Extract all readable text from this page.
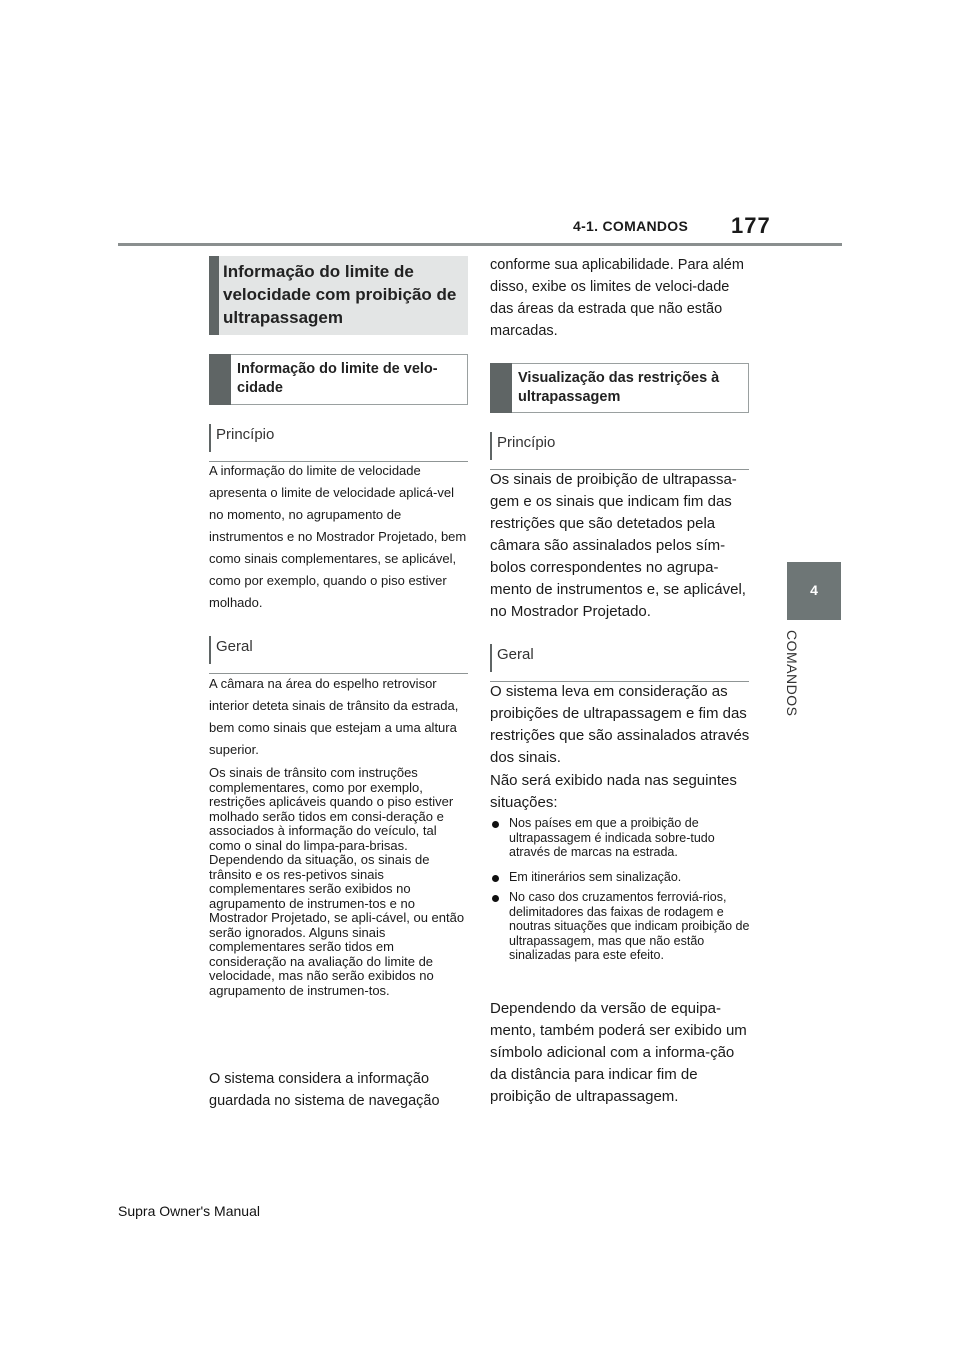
4-1. COMANDOS 177
4
COMANDOS
Informação do limite de velocidade com proibição de ultrapassagem
Informação do limite de velo-cidade
Princípio
A informação do limite de velocidade apresenta o limite de velocidade aplicá-vel no momento, no agrupamento de instrumentos e no Mostrador Projetado, bem como sinais complementares, se aplicável, como por exemplo, quando o piso estiver molhado.
Geral
A câmara na área do espelho retrovisor interior deteta sinais de trânsito da estrada, bem como sinais que estejam a uma altura superior.
Os sinais de trânsito com instruções complementares, como por exemplo, restrições aplicáveis quando o piso estiver molhado serão tidos em consi-deração e associados à informação do veículo, tal como o sinal do limpa-para-brisas. Dependendo da situação, os sinais de trânsito e os res-petivos sinais complementares serão exibidos no agrupamento de instrumen-tos e no Mostrador Projetado, se apli-cável, ou então serão ignorados. Alguns sinais complementares serão tidos em consideração na avaliação do limite de velocidade, mas não serão exibidos no agrupamento de instrumen-tos.
O sistema considera a informação guardada no sistema de navegação
conforme sua aplicabilidade. Para além disso, exibe os limites de veloci-dade das áreas da estrada que não estão marcadas.
Visualização das restrições à ultrapassagem
Princípio
Os sinais de proibição de ultrapassa-gem e os sinais que indicam fim das restrições que são detetados pela câmara são assinalados pelos sím-bolos correspondentes no agrupa-mento de instrumentos e, se aplicável, no Mostrador Projetado.
Geral
O sistema leva em consideração as proibições de ultrapassagem e fim das restrições que são assinalados através dos sinais.
Não será exibido nada nas seguintes situações:
Nos países em que a proibição de ultrapassagem é indicada sobre-tudo através de marcas na estrada.
Em itinerários sem sinalização.
No caso dos cruzamentos ferroviá-rios, delimitadores das faixas de rodagem e noutras situações que indicam proibição de ultrapassagem, mas que não estão sinalizadas para este efeito.
Dependendo da versão de equipa-mento, também poderá ser exibido um símbolo adicional com a informa-ção da distância para indicar fim de proibição de ultrapassagem.
Supra Owner's Manual
